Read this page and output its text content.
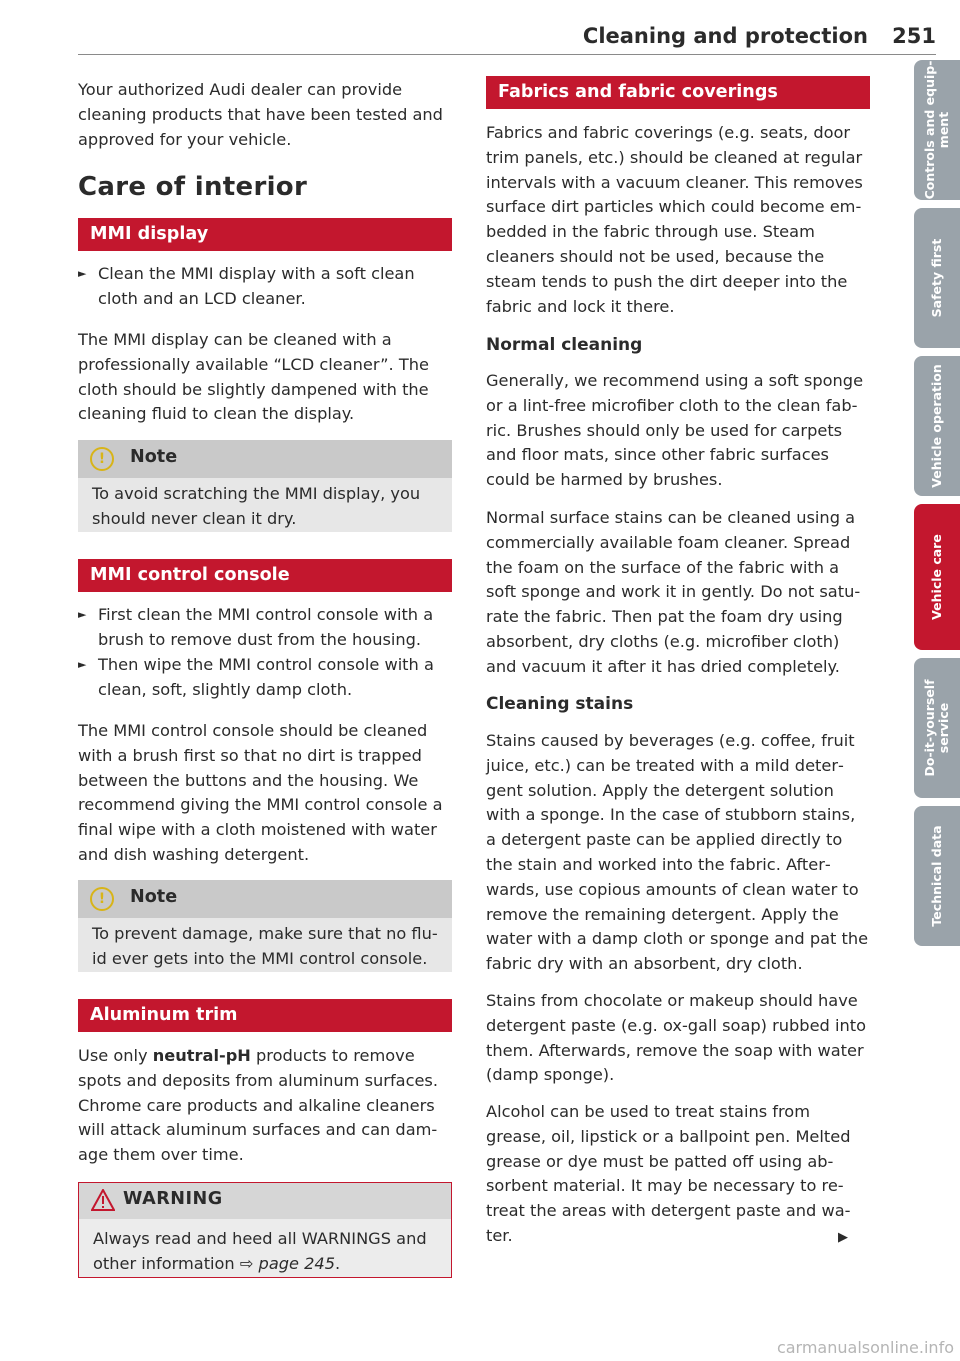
Cleaning and protection 251

Your authorized Audi dealer can provide cleaning products that have been tested and approved for your vehicle.

Care of interior
MMI display
► Clean the MMI display with a soft clean cloth and an LCD cleaner.

The MMI display can be cleaned with a professionally available “LCD cleaner”. The cloth should be slightly dampened with the cleaning fluid to clean the display.

!	Note

To avoid scratching the MMI display, you should never clean it dry.

MMI control console
► First clean the MMI control console with a brush to remove dust from the housing.

► Then wipe the MMI control console with a clean, soft, slightly damp cloth.

The MMI control console should be cleaned with a brush first so that no dirt is trapped between the buttons and the housing. We recommend giving the MMI control console a final wipe with a cloth moistened with water and dish washing detergent.

!	Note

To prevent damage, make sure that no fluid ever gets into the MMI control console.

Aluminum trim

Use only neutral-pH products to remove spots and deposits from aluminum surfaces. Chrome care products and alkaline cleaners will attack aluminum surfaces and can damage them over time.

WARNING

Always read and heed all WARNINGS and other information ⇨ page 245.

Fabrics and fabric coverings

Fabrics and fabric coverings (e.g. seats, door trim panels, etc.) should be cleaned at regular intervals with a vacuum cleaner. This removes surface dirt particles which could become embedded in the fabric through use. Steam cleaners should not be used, because the steam tends to push the dirt deeper into the fabric and lock it there.

Normal cleaning

Generally, we recommend using a soft sponge or a lint-free microfiber cloth to the clean fabric. Brushes should only be used for carpets and floor mats, since other fabric surfaces could be harmed by brushes.

Normal surface stains can be cleaned using a commercially available foam cleaner. Spread the foam on the surface of the fabric with a soft sponge and work it in gently. Do not saturate the fabric. Then pat the foam dry using absorbent, dry cloths (e.g. microfiber cloth) and vacuum it after it has dried completely.

Cleaning stains

Stains caused by beverages (e.g. coffee, fruit juice, etc.) can be treated with a mild detergent solution. Apply the detergent solution with a sponge. In the case of stubborn stains, a detergent paste can be applied directly to the stain and worked into the fabric. Afterwards, use copious amounts of clean water to remove the remaining detergent. Apply the water with a damp cloth or sponge and pat the fabric dry with an absorbent, dry cloth.

Stains from chocolate or makeup should have detergent paste (e.g. ox-gall soap) rubbed into them. Afterwards, remove the soap with water (damp sponge).

Alcohol can be used to treat stains from grease, oil, lipstick or a ballpoint pen. Melted grease or dye must be patted off using absorbent material. It may be necessary to retreat the areas with detergent paste and water.	▶
Controls and equip-
ment
Safety first
Vehicle operation
Vehicle care
Do-it-yourself
service
Technical data
carmanualsonline.info
